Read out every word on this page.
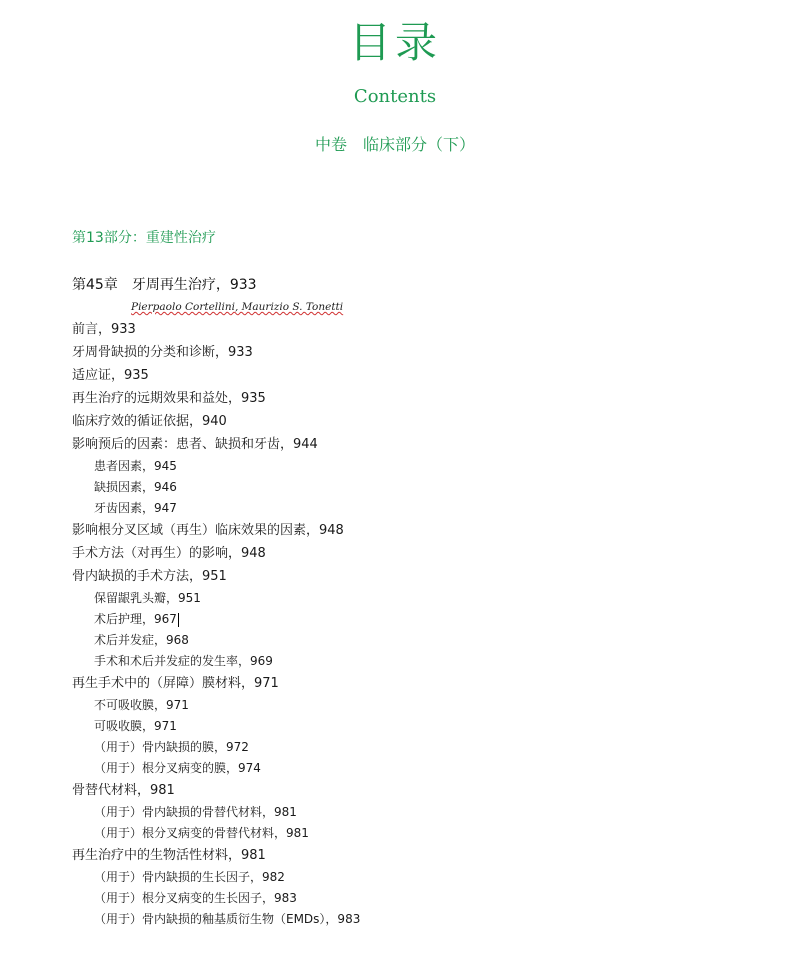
目录
Contents
中卷　临床部分（下）
第13部分：重建性治疗
第45章　牙周再生治疗，933
Pierpaolo Cortellini, Maurizio S. Tonetti
前言，933
牙周骨缺损的分类和诊断，933
适应证，935
再生治疗的远期效果和益处，935
临床疗效的循证依据，940
影响预后的因素：患者、缺损和牙齿，944
患者因素，945
缺损因素，946
牙齿因素，947
影响根分叉区域（再生）临床效果的因素，948
手术方法（对再生）的影响，948
骨内缺损的手术方法，951
保留龈乳头瓣，951
术后护理，967
术后并发症，968
手术和术后并发症的发生率，969
再生手术中的（屏障）膜材料，971
不可吸收膜，971
可吸收膜，971
（用于）骨内缺损的膜，972
（用于）根分叉病变的膜，974
骨替代材料，981
（用于）骨内缺损的骨替代材料，981
（用于）根分叉病变的骨替代材料，981
再生治疗中的生物活性材料，981
（用于）骨内缺损的生长因子，982
（用于）根分叉病变的生长因子，983
（用于）骨内缺损的釉基质衍生物（EMDs），983
